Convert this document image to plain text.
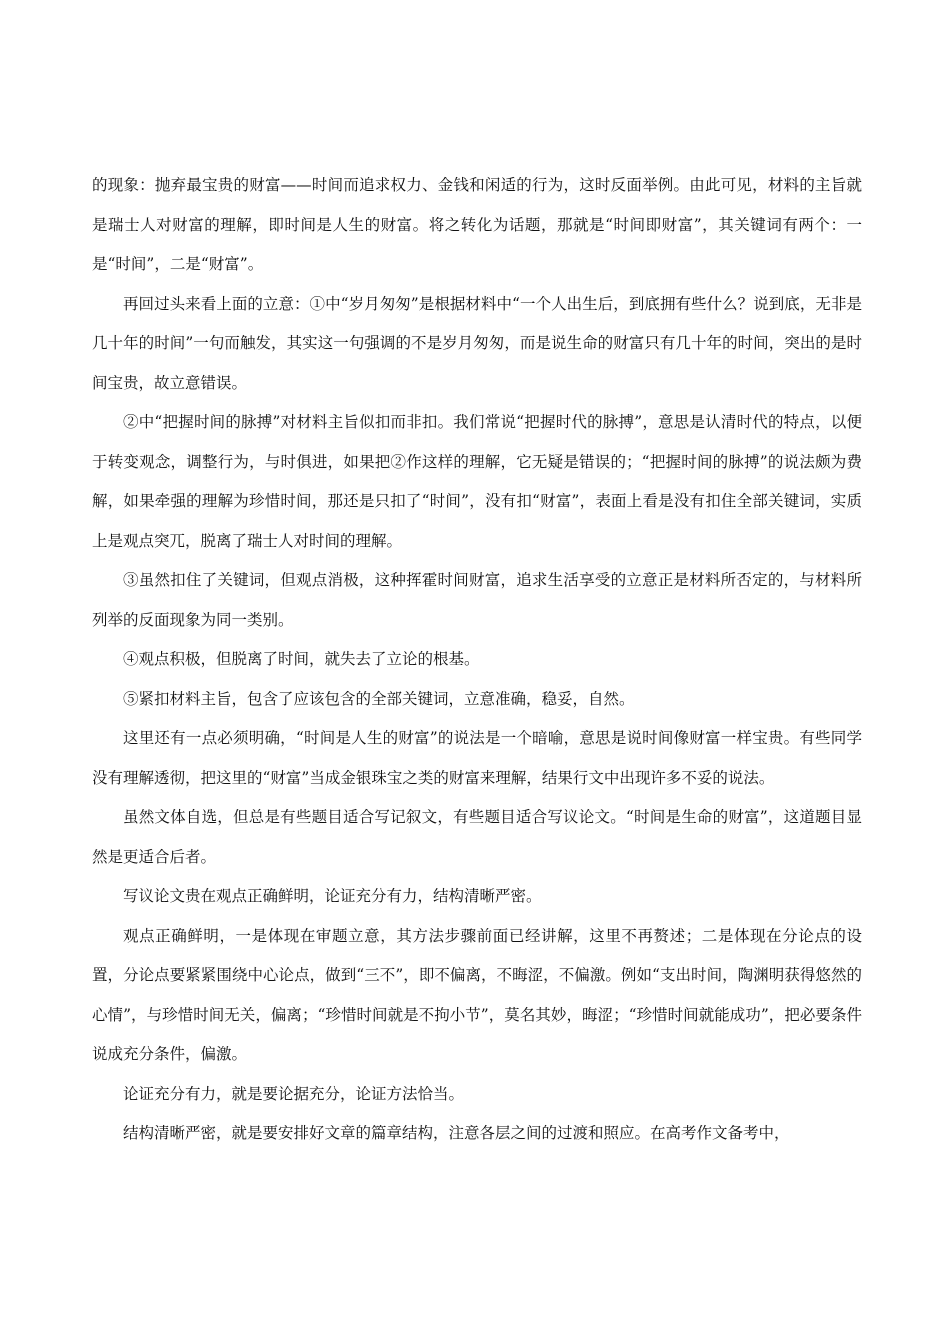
的现象：抛弃最宝贵的财富——时间而追求权力、金钱和闲适的行为，这时反面举例。由此可见，材料的主旨就是瑞士人对财富的理解，即时间是人生的财富。将之转化为话题，那就是“时间即财富”，其关键词有两个：一是“时间”，二是“财富”。

再回过头来看上面的立意：①中“岁月匆匆”是根据材料中“一个人出生后，到底拥有些什么？说到底，无非是几十年的时间”一句而触发，其实这一句强调的不是岁月匆匆，而是说生命的财富只有几十年的时间，突出的是时间宝贵，故立意错误。

②中“把握时间的脉搏”对材料主旨似扣而非扣。我们常说“把握时代的脉搏”，意思是认清时代的特点，以便于转变观念，调整行为，与时俱进，如果把②作这样的理解，它无疑是错误的；“把握时间的脉搏”的说法颇为费解，如果牵强的理解为珍惜时间，那还是只扣了“时间”，没有扣“财富”，表面上看是没有扣住全部关键词，实质上是观点突兀，脱离了瑞士人对时间的理解。

③虽然扣住了关键词，但观点消极，这种挥霍时间财富，追求生活享受的立意正是材料所否定的，与材料所列举的反面现象为同一类别。

④观点积极，但脱离了时间，就失去了立论的根基。

⑤紧扣材料主旨，包含了应该包含的全部关键词，立意准确，稳妥，自然。

这里还有一点必须明确，“时间是人生的财富”的说法是一个暗喻，意思是说时间像财富一样宝贵。有些同学没有理解透彻，把这里的“财富”当成金银珠宝之类的财富来理解，结果行文中出现许多不妥的说法。

虽然文体自选，但总是有些题目适合写记叙文，有些题目适合写议论文。“时间是生命的财富”，这道题目显然是更适合后者。

写议论文贵在观点正确鲜明，论证充分有力，结构清晰严密。

观点正确鲜明，一是体现在审题立意，其方法步骤前面已经讲解，这里不再赘述；二是体现在分论点的设置，分论点要紧紧围绕中心论点，做到“三不”，即不偏离，不晦涩，不偏激。例如“支出时间，陶渊明获得悠然的心情”，与珍惜时间无关，偏离；“珍惜时间就是不拘小节”，莫名其妙，晦涩；“珍惜时间就能成功”，把必要条件说成充分条件，偏激。

论证充分有力，就是要论据充分，论证方法恰当。

结构清晰严密，就是要安排好文章的篇章结构，注意各层之间的过渡和照应。在高考作文备考中，
